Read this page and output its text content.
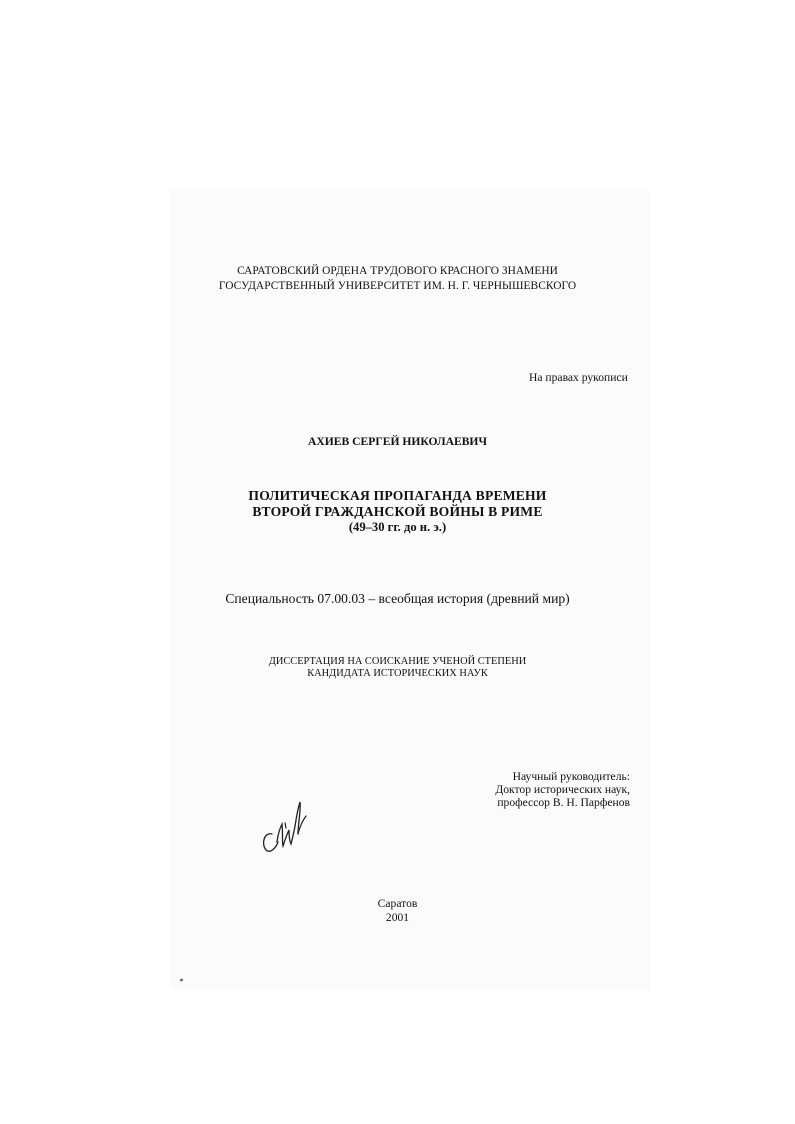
САРАТОВСКИЙ ОРДЕНА ТРУДОВОГО КРАСНОГО ЗНАМЕНИ
ГОСУДАРСТВЕННЫЙ УНИВЕРСИТЕТ ИМ. Н. Г. ЧЕРНЫШЕВСКОГО
На правах рукописи
АХИЕВ СЕРГЕЙ НИКОЛАЕВИЧ
ПОЛИТИЧЕСКАЯ ПРОПАГАНДА ВРЕМЕНИ
ВТОРОЙ ГРАЖДАНСКОЙ ВОЙНЫ В РИМЕ
(49–30 гг. до н. э.)
Специальность 07.00.03 – всеобщая история (древний мир)
ДИССЕРТАЦИЯ НА СОИСКАНИЕ УЧЕНОЙ СТЕПЕНИ
КАНДИДАТА ИСТОРИЧЕСКИХ НАУК
Научный руководитель:
Доктор исторических наук,
профессор В. Н. Парфенов
Саратов
2001
